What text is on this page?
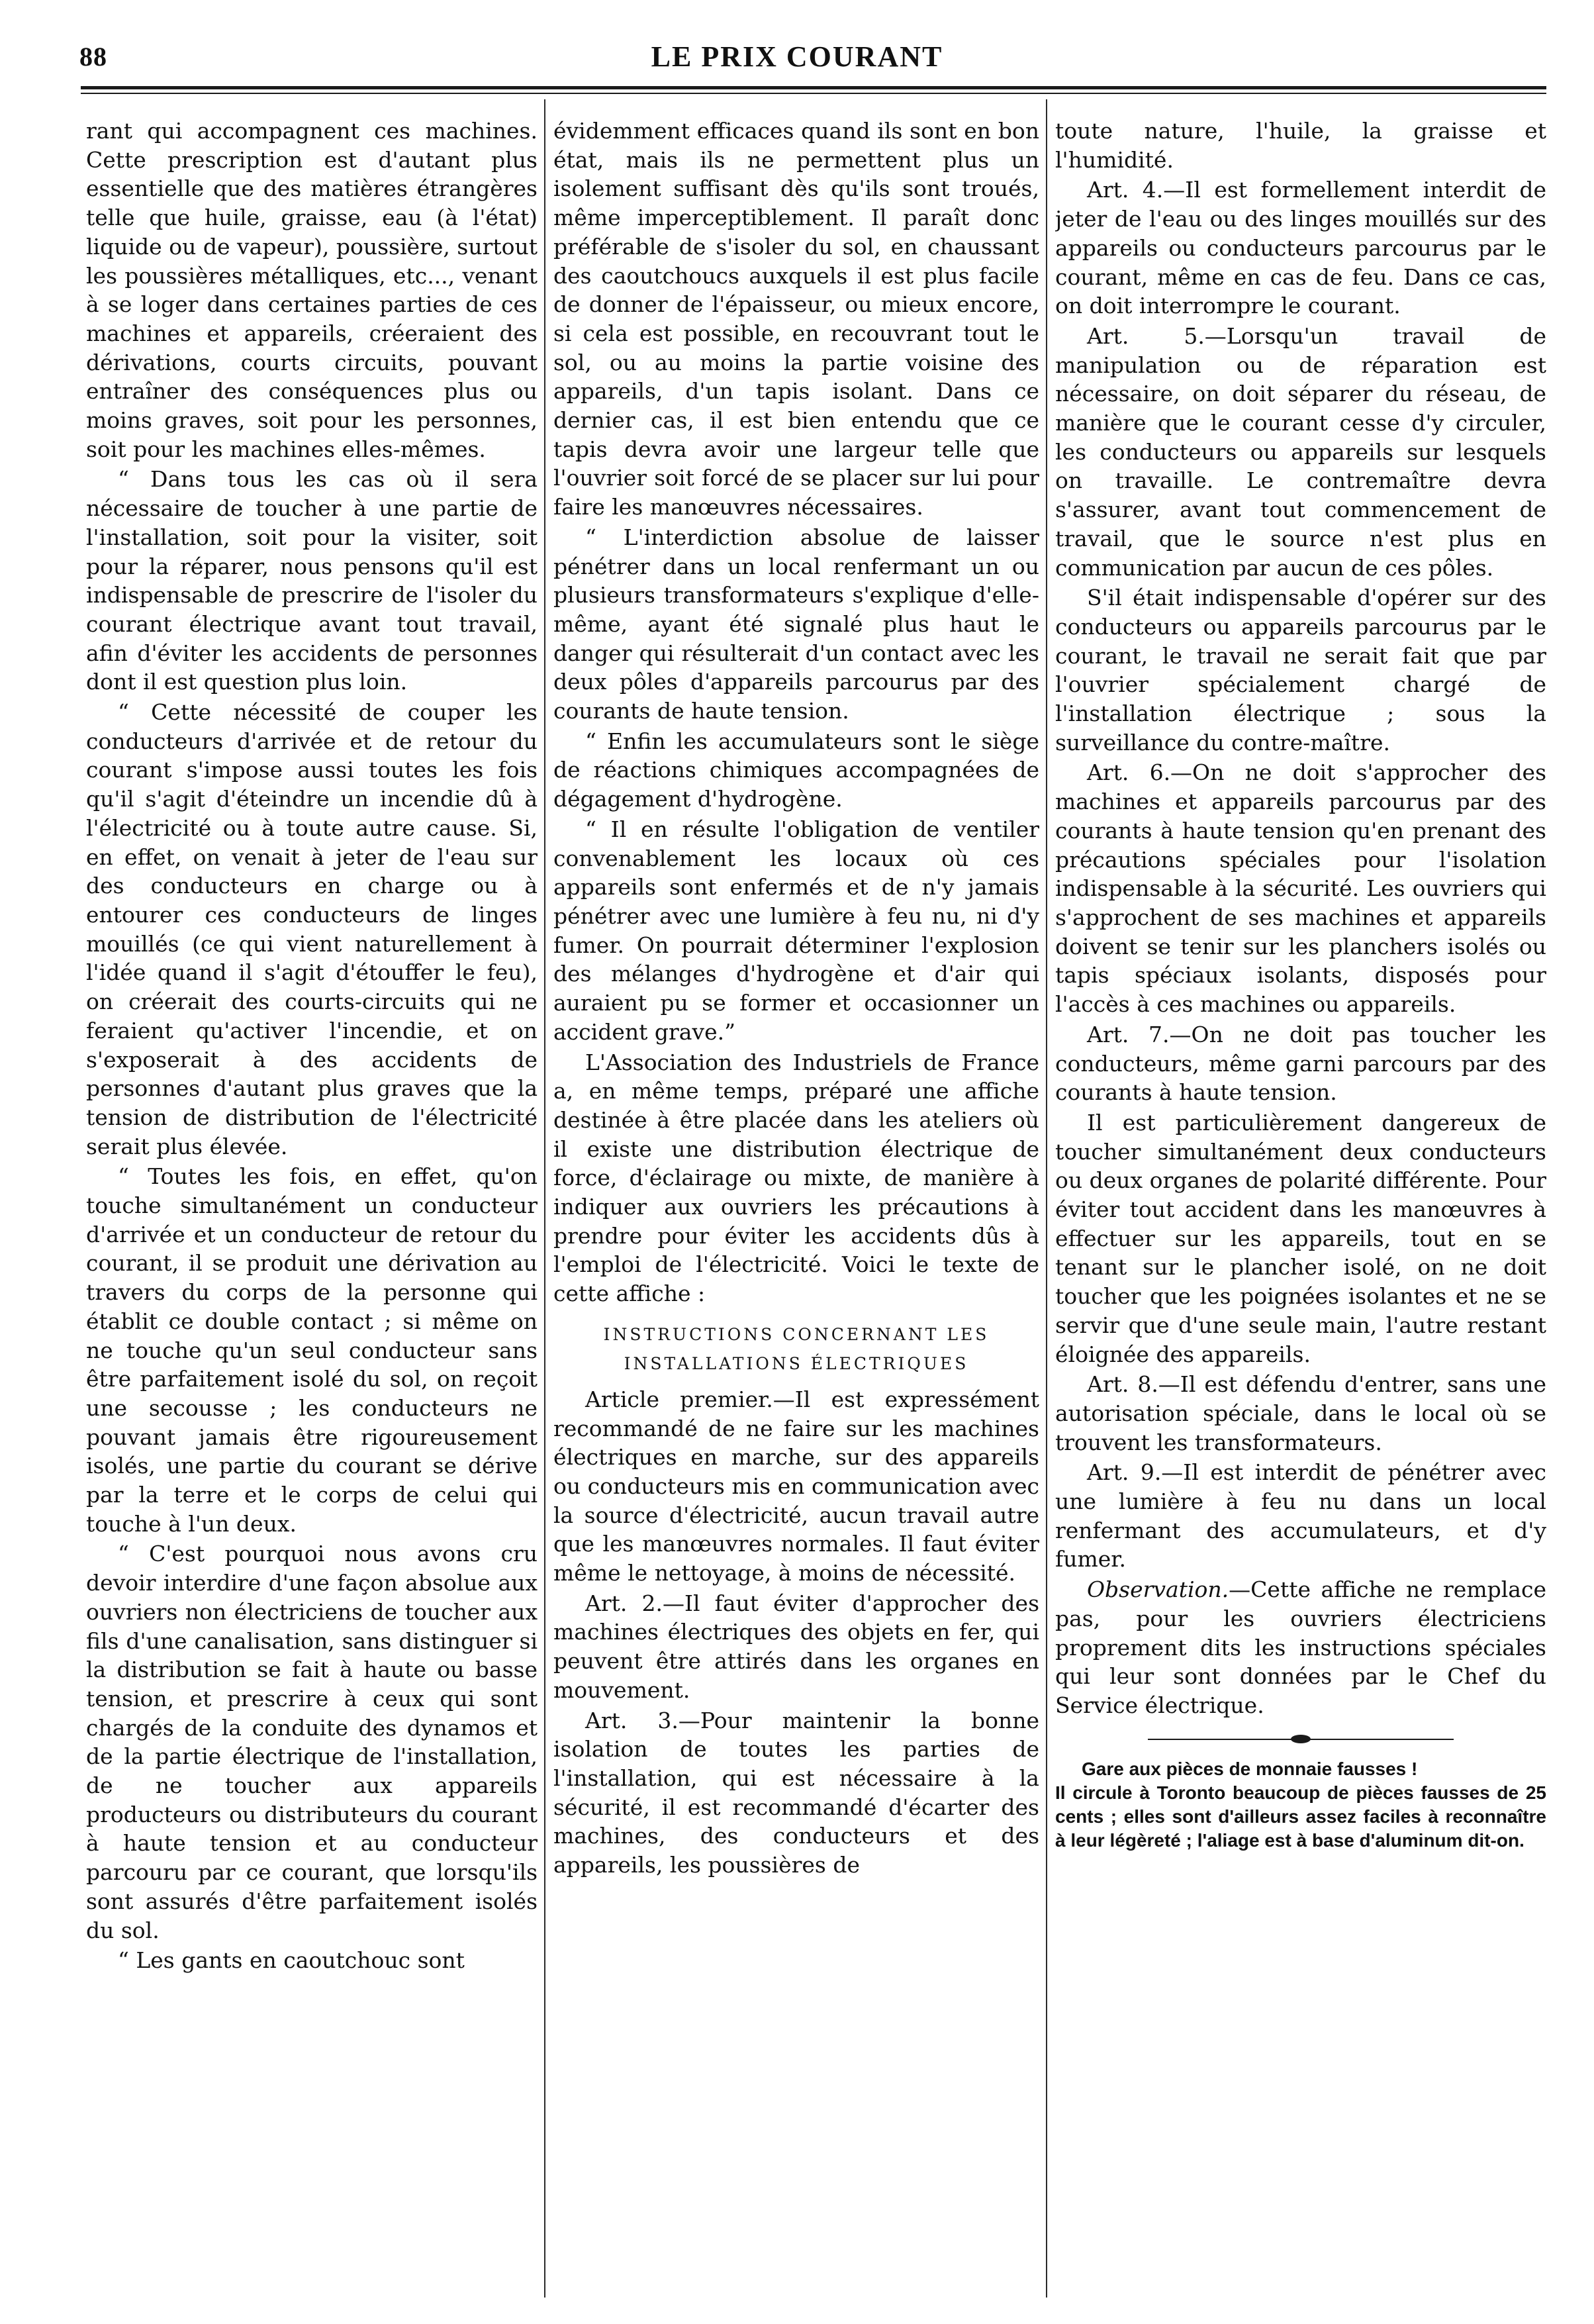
88	LE PRIX COURANT

rant qui accompagnent ces machines. Cette prescription est d'autant plus essentielle que des matières étrangères telle que huile, graisse, eau (à l'état) liquide ou de vapeur), poussière, surtout les poussières métalliques, etc..., venant à se loger dans certaines parties de ces machines et appareils, créeraient des dérivations, courts circuits, pouvant entraîner des conséquences plus ou moins graves, soit pour les personnes, soit pour les machines elles-mêmes.

“ Dans tous les cas où il sera nécessaire de toucher à une partie de l'installation, soit pour la visiter, soit pour la réparer, nous pensons qu'il est indispensable de prescrire de l'isoler du courant électrique avant tout travail, afin d'éviter les accidents de personnes dont il est question plus loin.

“ Cette nécessité de couper les conducteurs d'arrivée et de retour du courant s'impose aussi toutes les fois qu'il s'agit d'éteindre un incendie dû à l'électricité ou à toute autre cause. Si, en effet, on venait à jeter de l'eau sur des conducteurs en charge ou à entourer ces conducteurs de linges mouillés (ce qui vient naturellement à l'idée quand il s'agit d'étouffer le feu), on créerait des courts-circuits qui ne feraient qu'activer l'incendie, et on s'exposerait à des accidents de personnes d'autant plus graves que la tension de distribution de l'électricité serait plus élevée.

“ Toutes les fois, en effet, qu'on touche simultanément un conducteur d'arrivée et un conducteur de retour du courant, il se produit une dérivation au travers du corps de la personne qui établit ce double contact ; si même on ne touche qu'un seul conducteur sans être parfaitement isolé du sol, on reçoit une secousse ; les conducteurs ne pouvant jamais être rigoureusement isolés, une partie du courant se dérive par la terre et le corps de celui qui touche à l'un deux.

“ C'est pourquoi nous avons cru devoir interdire d'une façon absolue aux ouvriers non électriciens de toucher aux fils d'une canalisation, sans distinguer si la distribution se fait à haute ou basse tension, et prescrire à ceux qui sont chargés de la conduite des dynamos et de la partie électrique de l'installation, de ne toucher aux appareils producteurs ou distributeurs du courant à haute tension et au conducteur parcouru par ce courant, que lorsqu'ils sont assurés d'être parfaitement isolés du sol.

“ Les gants en caoutchouc sont

évidemment efficaces quand ils sont en bon état, mais ils ne permettent plus un isolement suffisant dès qu'ils sont troués, même imperceptiblement. Il paraît donc préférable de s'isoler du sol, en chaussant des caoutchoucs auxquels il est plus facile de donner de l'épaisseur, ou mieux encore, si cela est possible, en recouvrant tout le sol, ou au moins la partie voisine des appareils, d'un tapis isolant. Dans ce dernier cas, il est bien entendu que ce tapis devra avoir une largeur telle que l'ouvrier soit forcé de se placer sur lui pour faire les manœuvres nécessaires.

“ L'interdiction absolue de laisser pénétrer dans un local renfermant un ou plusieurs transformateurs s'explique d'elle-même, ayant été signalé plus haut le danger qui résulterait d'un contact avec les deux pôles d'appareils parcourus par des courants de haute tension.

“ Enfin les accumulateurs sont le siège de réactions chimiques accompagnées de dégagement d'hydrogène.

“ Il en résulte l'obligation de ventiler convenablement les locaux où ces appareils sont enfermés et de n'y jamais pénétrer avec une lumière à feu nu, ni d'y fumer. On pourrait déterminer l'explosion des mélanges d'hydrogène et d'air qui auraient pu se former et occasionner un accident grave.”

L'Association des Industriels de France a, en même temps, préparé une affiche destinée à être placée dans les ateliers où il existe une distribution électrique de force, d'éclairage ou mixte, de manière à indiquer aux ouvriers les précautions à prendre pour éviter les accidents dûs à l'emploi de l'électricité. Voici le texte de cette affiche :

INSTRUCTIONS CONCERNANT LES INSTALLATIONS ÉLECTRIQUES

Article premier.—Il est expressément recommandé de ne faire sur les machines électriques en marche, sur des appareils ou conducteurs mis en communication avec la source d'électricité, aucun travail autre que les manœuvres normales. Il faut éviter même le nettoyage, à moins de nécessité.

Art. 2.—Il faut éviter d'approcher des machines électriques des objets en fer, qui peuvent être attirés dans les organes en mouvement.

Art. 3.—Pour maintenir la bonne isolation de toutes les parties de l'installation, qui est nécessaire à la sécurité, il est recommandé d'écarter des machines, des conducteurs et des appareils, les poussières de

toute nature, l'huile, la graisse et l'humidité.

Art. 4.—Il est formellement interdit de jeter de l'eau ou des linges mouillés sur des appareils ou conducteurs parcourus par le courant, même en cas de feu. Dans ce cas, on doit interrompre le courant.

Art. 5.—Lorsqu'un travail de manipulation ou de réparation est nécessaire, on doit séparer du réseau, de manière que le courant cesse d'y circuler, les conducteurs ou appareils sur lesquels on travaille. Le contremaître devra s'assurer, avant tout commencement de travail, que le source n'est plus en communication par aucun de ces pôles.

S'il était indispensable d'opérer sur des conducteurs ou appareils parcourus par le courant, le travail ne serait fait que par l'ouvrier spécialement chargé de l'installation électrique ; sous la surveillance du contre-maître.

Art. 6.—On ne doit s'approcher des machines et appareils parcourus par des courants à haute tension qu'en prenant des précautions spéciales pour l'isolation indispensable à la sécurité. Les ouvriers qui s'approchent de ses machines et appareils doivent se tenir sur les planchers isolés ou tapis spéciaux isolants, disposés pour l'accès à ces machines ou appareils.

Art. 7.—On ne doit pas toucher les conducteurs, même garni parcours par des courants à haute tension.

Il est particulièrement dangereux de toucher simultanément deux conducteurs ou deux organes de polarité différente. Pour éviter tout accident dans les manœuvres à effectuer sur les appareils, tout en se tenant sur le plancher isolé, on ne doit toucher que les poignées isolantes et ne se servir que d'une seule main, l'autre restant éloignée des appareils.

Art. 8.—Il est défendu d'entrer, sans une autorisation spéciale, dans le local où se trouvent les transformateurs.

Art. 9.—Il est interdit de pénétrer avec une lumière à feu nu dans un local renfermant des accumulateurs, et d'y fumer.

Observation.—Cette affiche ne remplace pas, pour les ouvriers électriciens proprement dits les instructions spéciales qui leur sont données par le Chef du Service électrique.

Gare aux pièces de monnaie fausses !

Il circule à Toronto beaucoup de pièces fausses de 25 cents ; elles sont d'ailleurs assez faciles à reconnaître à leur légèreté ; l'aliage est à base d'aluminum dit-on.
